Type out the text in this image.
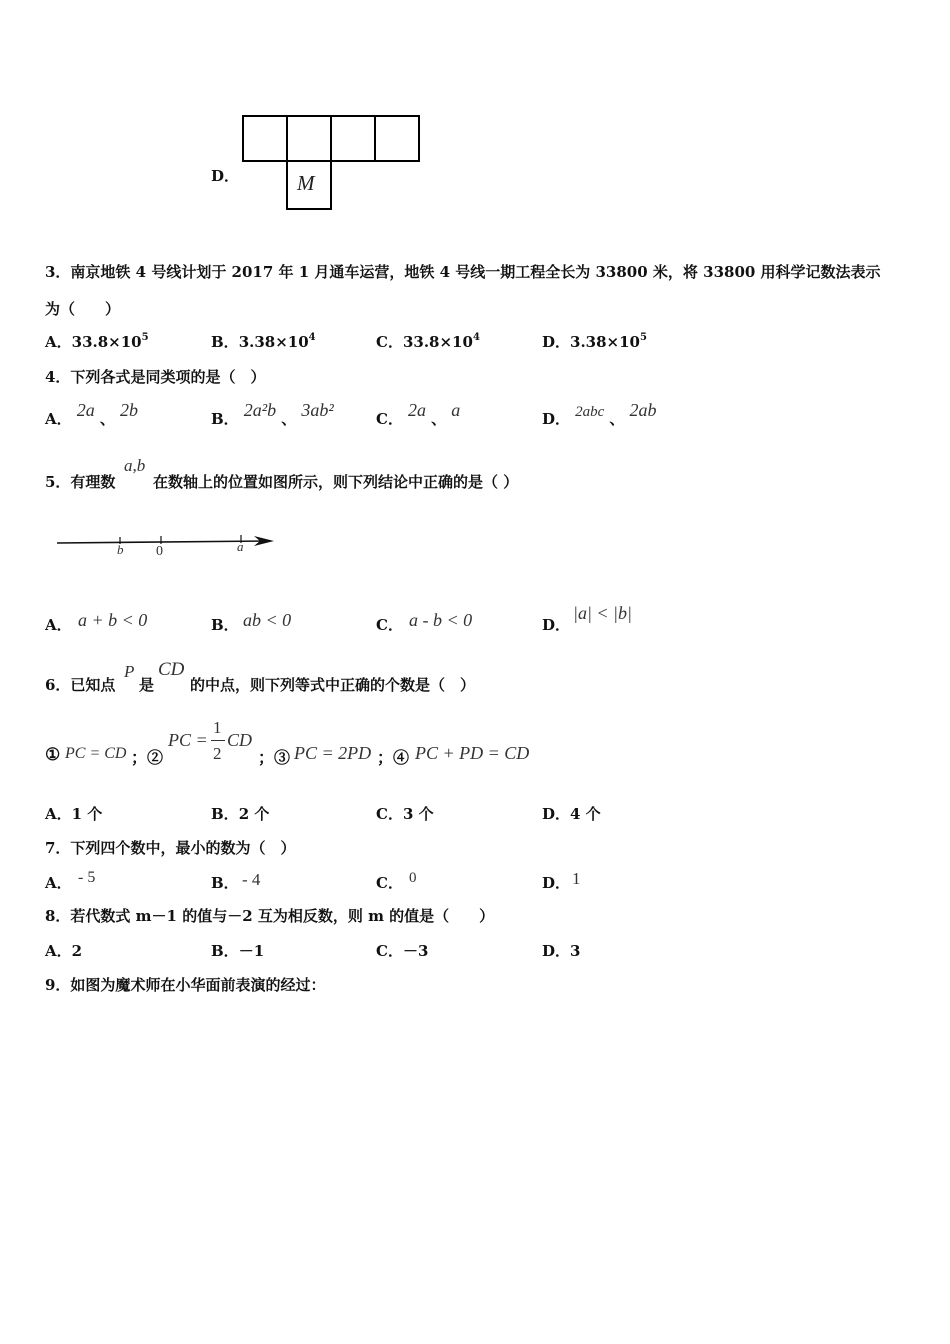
D．	M
3．南京地铁 4 号线计划于 2017 年 1 月通车运营，地铁 4 号线一期工程全长为 33800 米，将 33800 用科学记数法表示
为（　　）
A．$33.8\times 10^5$	B．$3.38\times 10^4$	C．$33.8\times 10^4$	D．$3.38\times 10^5$
4．下列各式是同类项的是（　）
A． 2a 、 2b	B． 2a²b 、 3ab²	C． 2a 、 a	D． 2abc 、 2ab
5．有理数
a,b
在数轴上的位置如图所示，则下列结论中正确的是（ ）
b 0	a
A． a + b < 0	B． ab < 0	C． a - b < 0	D．
|a| < |b|
6．已知点
P
是
CD
的中点，则下列等式中正确的个数是（　）
① PC = CD ；②
PC =
1
2
CD
；③ PC = 2PD ；④ PC + PD = CD
A．1 个	B．2 个	C．3 个	D．4 个
7．下列四个数中，最小的数为（　）
A． - 5	B． - 4	C． 0	D． 1
8．若代数式 m－1 的值与－2 互为相反数，则 m 的值是（　　）
A．2	B．－1	C．－3	D．3
9．如图为魔术师在小华面前表演的经过：
